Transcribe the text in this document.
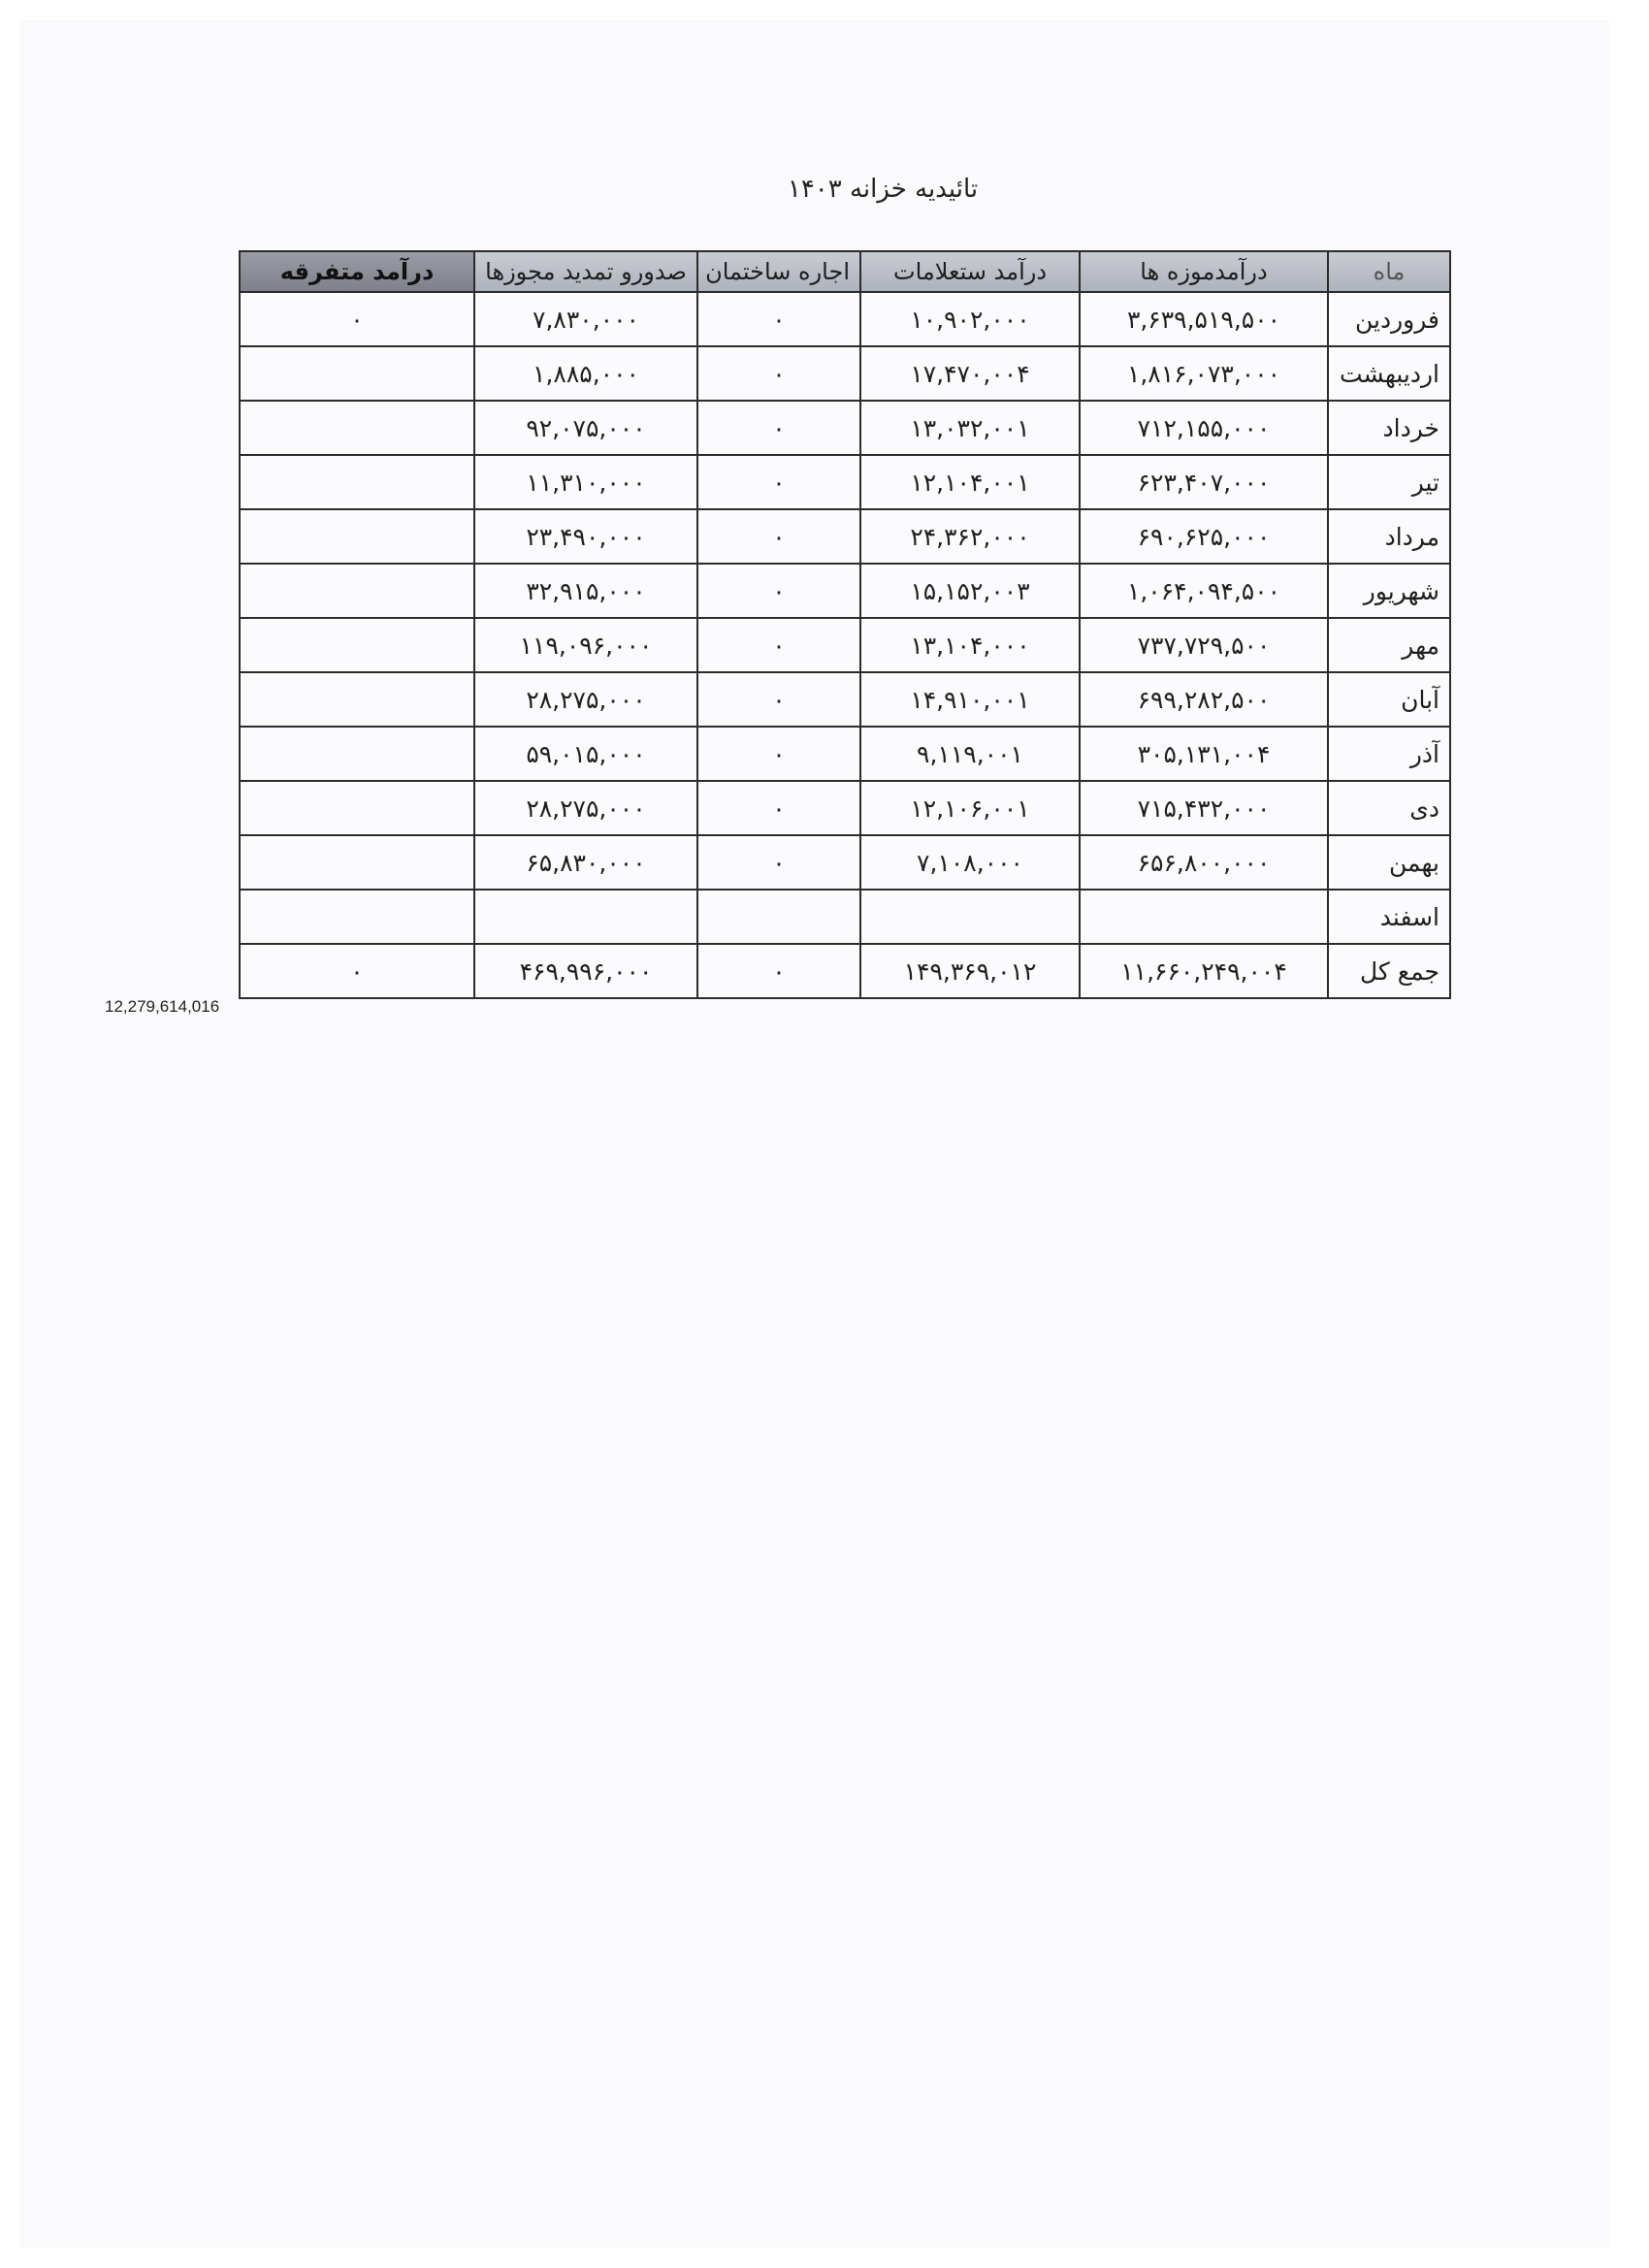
تائیدیه خزانه ۱۴۰۳
ماه	درآمدموزه ها	درآمد ستعلامات	اجاره ساختمان	صدورو تمدید مجوزها	درآمد متفرقه
فروردین	۳,۶۳۹,۵۱۹,۵۰۰	۱۰,۹۰۲,۰۰۰	۰	۷,۸۳۰,۰۰۰	۰
اردیبهشت	۱,۸۱۶,۰۷۳,۰۰۰	۱۷,۴۷۰,۰۰۴	۰	۱,۸۸۵,۰۰۰	
خرداد	۷۱۲,۱۵۵,۰۰۰	۱۳,۰۳۲,۰۰۱	۰	۹۲,۰۷۵,۰۰۰	
تیر	۶۲۳,۴۰۷,۰۰۰	۱۲,۱۰۴,۰۰۱	۰	۱۱,۳۱۰,۰۰۰	
مرداد	۶۹۰,۶۲۵,۰۰۰	۲۴,۳۶۲,۰۰۰	۰	۲۳,۴۹۰,۰۰۰	
شهریور	۱,۰۶۴,۰۹۴,۵۰۰	۱۵,۱۵۲,۰۰۳	۰	۳۲,۹۱۵,۰۰۰	
مهر	۷۳۷,۷۲۹,۵۰۰	۱۳,۱۰۴,۰۰۰	۰	۱۱۹,۰۹۶,۰۰۰	
آبان	۶۹۹,۲۸۲,۵۰۰	۱۴,۹۱۰,۰۰۱	۰	۲۸,۲۷۵,۰۰۰	
آذر	۳۰۵,۱۳۱,۰۰۴	۹,۱۱۹,۰۰۱	۰	۵۹,۰۱۵,۰۰۰	
دی	۷۱۵,۴۳۲,۰۰۰	۱۲,۱۰۶,۰۰۱	۰	۲۸,۲۷۵,۰۰۰	
بهمن	۶۵۶,۸۰۰,۰۰۰	۷,۱۰۸,۰۰۰	۰	۶۵,۸۳۰,۰۰۰	
اسفند					
جمع کل	۱۱,۶۶۰,۲۴۹,۰۰۴	۱۴۹,۳۶۹,۰۱۲	۰	۴۶۹,۹۹۶,۰۰۰	۰
12,279,614,016
